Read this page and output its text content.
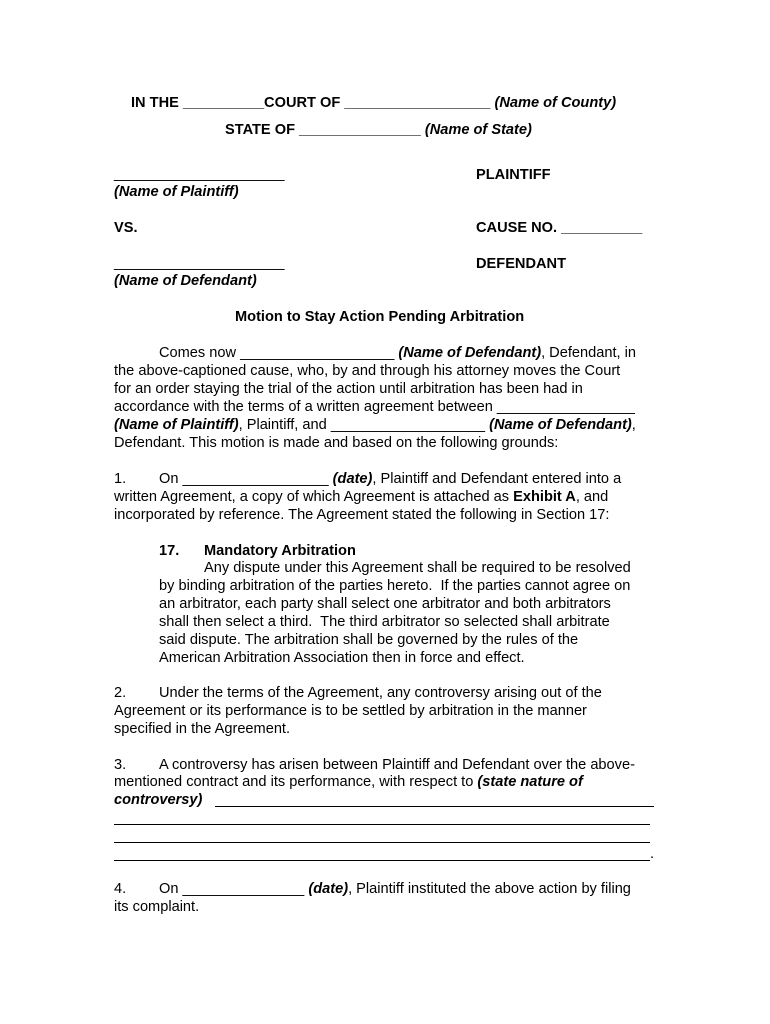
IN THE __________COURT OF __________________ (Name of County)
STATE OF _______________ (Name of State)
_____________________	PLAINTIFF
(Name of Plaintiff)
VS.	CAUSE NO. __________
_____________________	DEFENDANT
(Name of Defendant)
Motion to Stay Action Pending Arbitration
Comes now ___________________ (Name of Defendant), Defendant, in
the above-captioned cause, who, by and through his attorney moves the Court
for an order staying the trial of the action until arbitration has been had in
accordance with the terms of a written agreement between _________________
(Name of Plaintiff), Plaintiff, and ___________________ (Name of Defendant),
Defendant. This motion is made and based on the following grounds:
1. On __________________ (date), Plaintiff and Defendant entered into a
written Agreement, a copy of which Agreement is attached as Exhibit A, and
incorporated by reference. The Agreement stated the following in Section 17:
17. Mandatory Arbitration
Any dispute under this Agreement shall be required to be resolved
by binding arbitration of the parties hereto.  If the parties cannot agree on
an arbitrator, each party shall select one arbitrator and both arbitrators
shall then select a third.  The third arbitrator so selected shall arbitrate
said dispute. The arbitration shall be governed by the rules of the
American Arbitration Association then in force and effect.
2. Under the terms of the Agreement, any controversy arising out of the
Agreement or its performance is to be settled by arbitration in the manner
specified in the Agreement.
3. A controversy has arisen between Plaintiff and Defendant over the above-
mentioned contract and its performance, with respect to (state nature of
controversy)
.
4. On _______________ (date), Plaintiff instituted the above action by filing
its complaint.
